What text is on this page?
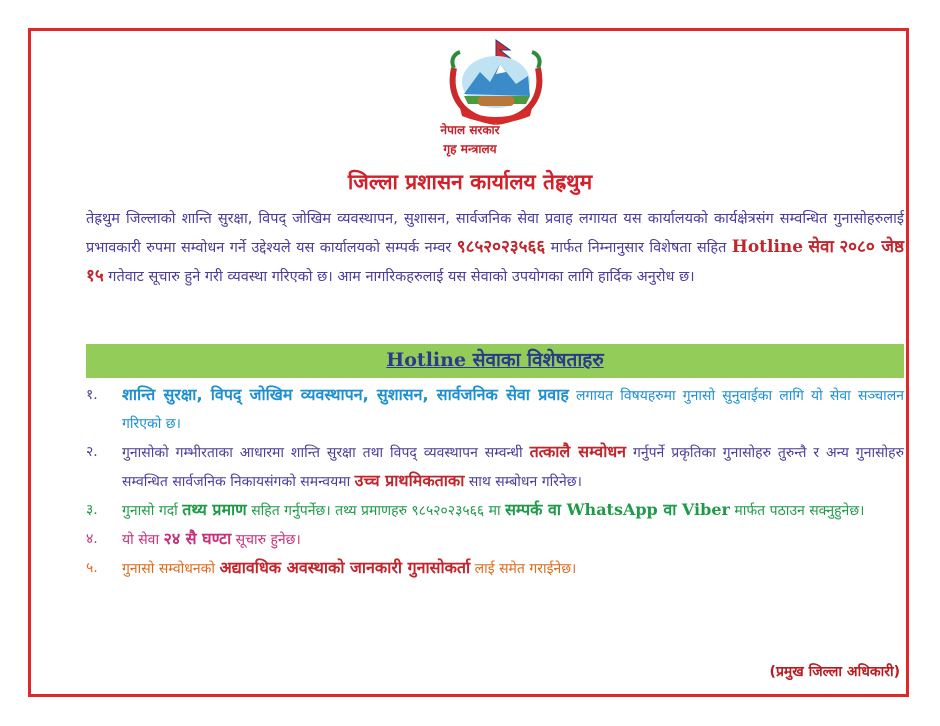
नेपाल सरकार
गृह मन्त्रालय
जिल्ला प्रशासन कार्यालय तेह्रथुम
तेह्रथुम जिल्लाको शान्ति सुरक्षा, विपद् जोखिम व्यवस्थापन, सुशासन, सार्वजनिक सेवा प्रवाह लगायत यस कार्यालयको कार्यक्षेत्रसंग सम्वन्धित गुनासोहरुलाई प्रभावकारी रुपमा सम्वोधन गर्ने उद्देश्यले यस कार्यालयको सम्पर्क नम्वर ९८५२०२३५६६ मार्फत निम्नानुसार विशेषता सहित Hotline सेवा २०८० जेष्ठ १५ गतेवाट सूचारु हुने गरी व्यवस्था गरिएको छ। आम नागरिकहरुलाई यस सेवाको उपयोगका लागि हार्दिक अनुरोध छ।
Hotline सेवाका विशेषताहरु
१.	शान्ति सुरक्षा, विपद् जोखिम व्यवस्थापन, सुशासन, सार्वजनिक सेवा प्रवाह लगायत विषयहरुमा गुनासो सुनुवाईका लागि यो सेवा सञ्चालन गरिएको छ।
२.	गुनासोको गम्भीरताका आधारमा शान्ति सुरक्षा तथा विपद् व्यवस्थापन सम्वन्धी तत्कालै सम्वोधन गर्नुपर्ने प्रकृतिका गुनासोहरु तुरुन्तै र अन्य गुनासोहरु सम्वन्धित सार्वजनिक निकायसंगको समन्वयमा उच्च प्राथमिकताका साथ सम्बोधन गरिनेछ।
३.	गुनासो गर्दा तथ्य प्रमाण सहित गर्नुपर्नेछ। तथ्य प्रमाणहरु ९८५२०२३५६६ मा सम्पर्क वा WhatsApp वा Viber मार्फत पठाउन सक्नुहुनेछ।
४.	यो सेवा २४ सै घण्टा सूचारु हुनेछ।
५.	गुनासो सम्वोधनको अद्यावधिक अवस्थाको जानकारी गुनासोकर्ता लाई समेत गराईनेछ।
(प्रमुख जिल्ला अधिकारी)
